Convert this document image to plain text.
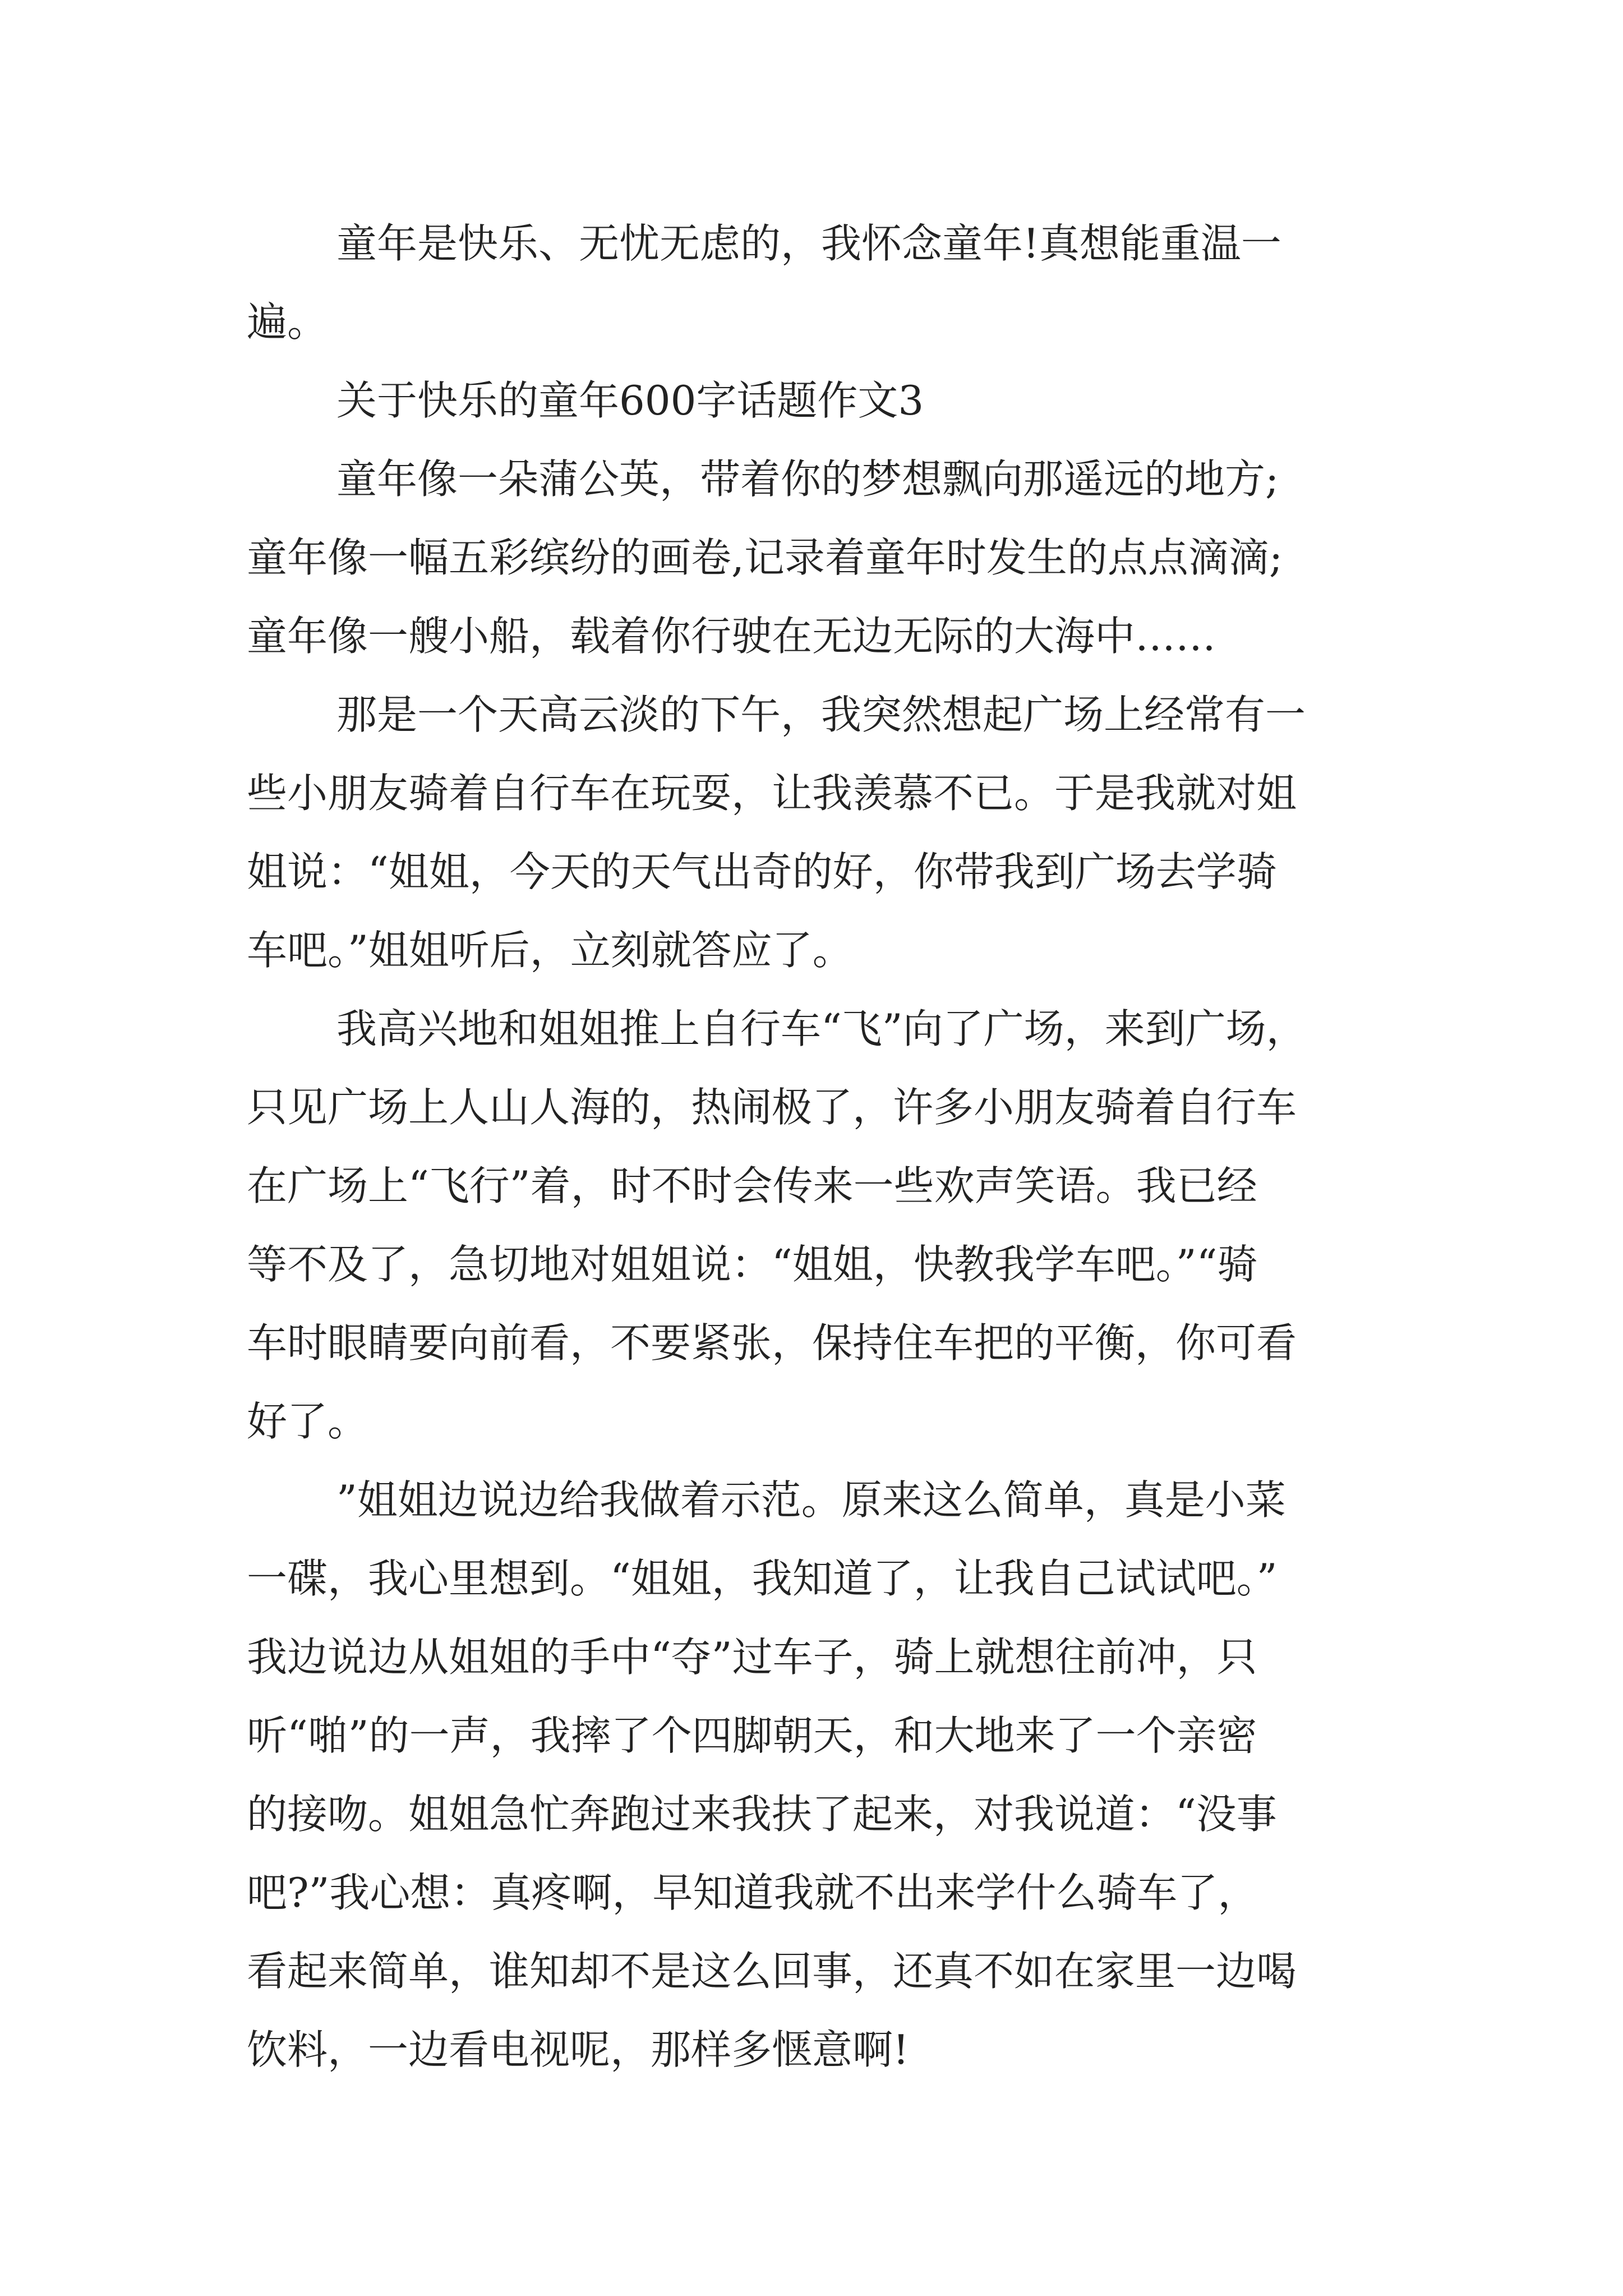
童年是快乐、无忧无虑的，我怀念童年!真想能重温一

遍。

关于快乐的童年600字话题作文3

童年像一朵蒲公英，带着你的梦想飘向那遥远的地方;

童年像一幅五彩缤纷的画卷,记录着童年时发生的点点滴滴;

童年像一艘小船，载着你行驶在无边无际的大海中……

那是一个天高云淡的下午，我突然想起广场上经常有一

些小朋友骑着自行车在玩耍，让我羡慕不已。于是我就对姐

姐说：“姐姐，今天的天气出奇的好，你带我到广场去学骑

车吧。”姐姐听后，立刻就答应了。

我高兴地和姐姐推上自行车“飞”向了广场，来到广场，

只见广场上人山人海的，热闹极了，许多小朋友骑着自行车

在广场上“飞行”着，时不时会传来一些欢声笑语。我已经

等不及了，急切地对姐姐说：“姐姐，快教我学车吧。”“骑

车时眼睛要向前看，不要紧张，保持住车把的平衡，你可看

好了。

”姐姐边说边给我做着示范。原来这么简单，真是小菜

一碟，我心里想到。“姐姐，我知道了，让我自己试试吧。”

我边说边从姐姐的手中“夺”过车子，骑上就想往前冲，只

听“啪”的一声，我摔了个四脚朝天，和大地来了一个亲密

的接吻。姐姐急忙奔跑过来我扶了起来，对我说道：“没事

吧?”我心想：真疼啊，早知道我就不出来学什么骑车了，

看起来简单，谁知却不是这么回事，还真不如在家里一边喝

饮料，一边看电视呢，那样多惬意啊!
